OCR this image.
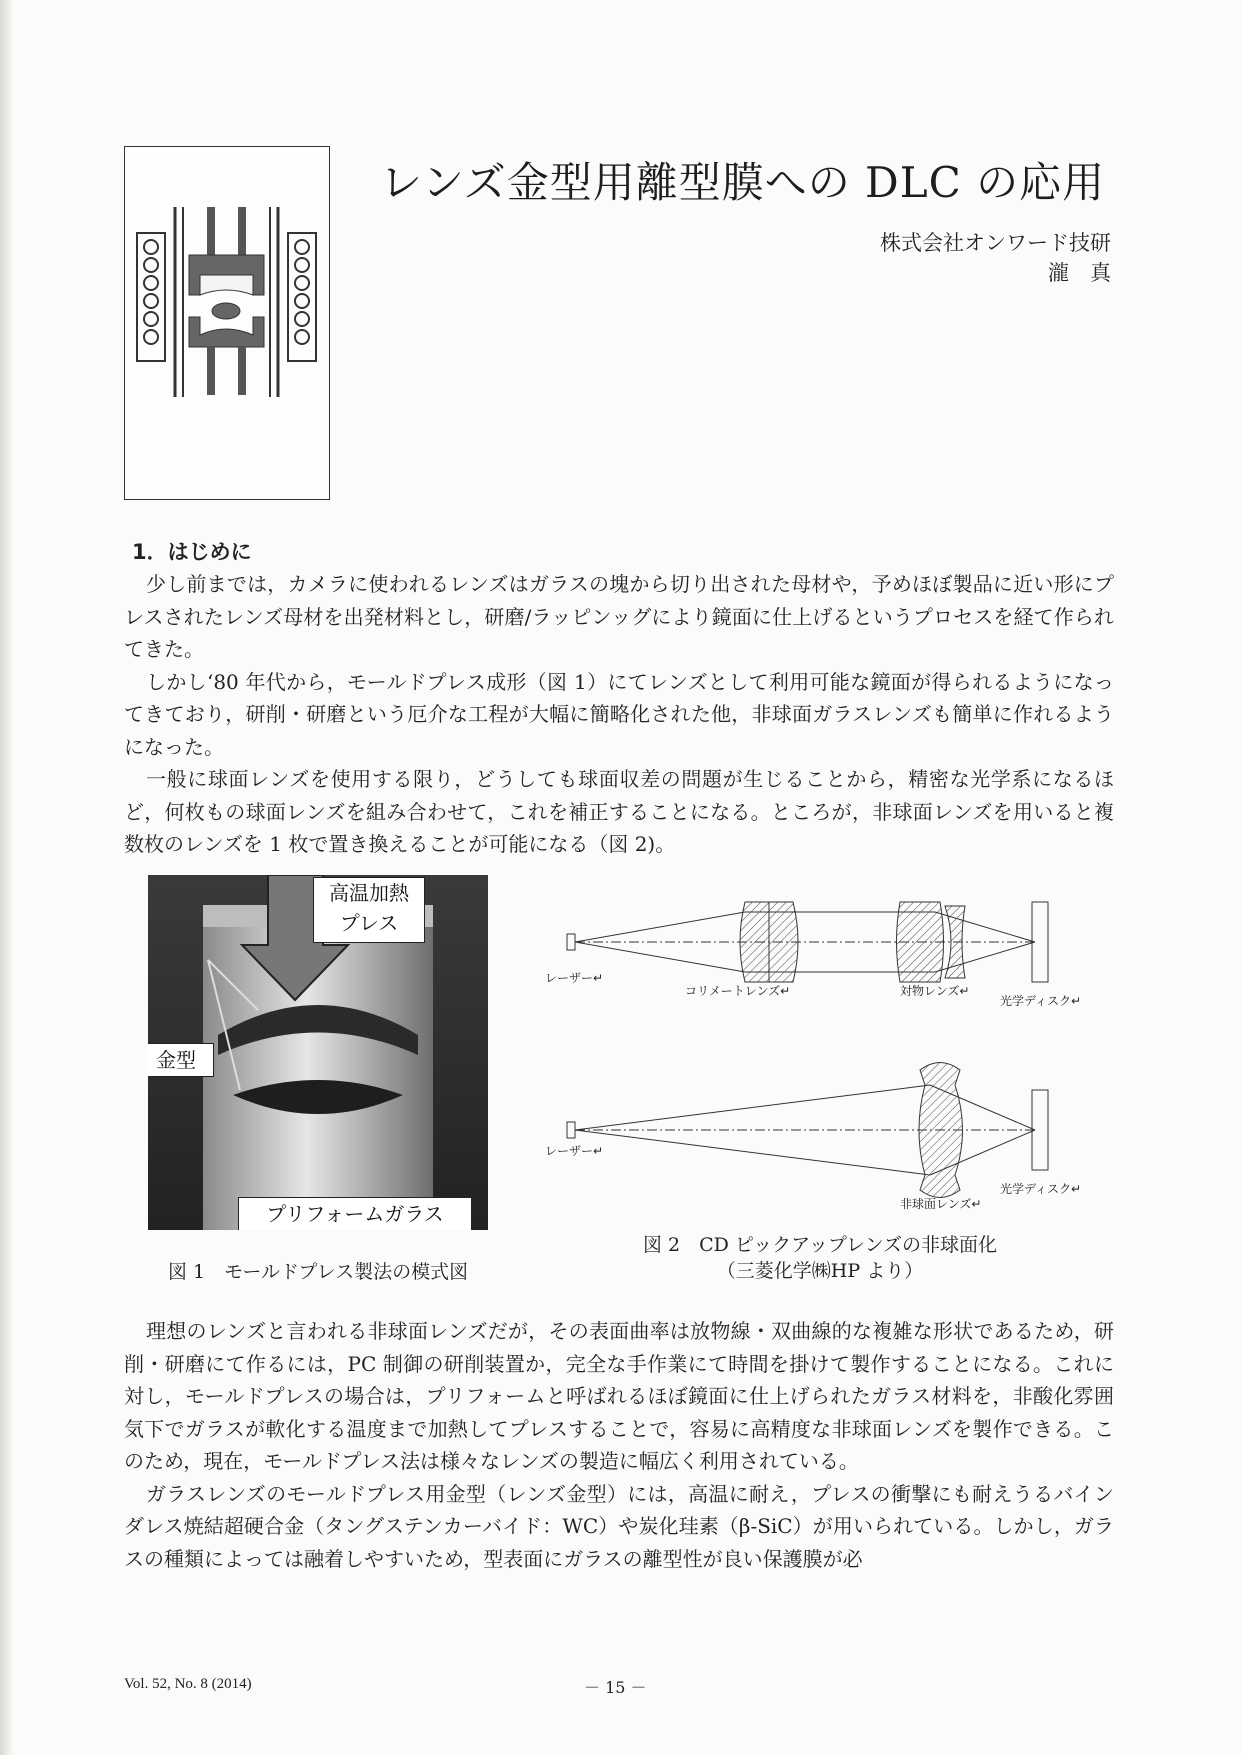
レンズ金型用離型膜への DLC の応用
株式会社オンワード技研
瀧　真
1．はじめに

少し前までは，カメラに使われるレンズはガラスの塊から切り出された母材や，予めほぼ製品に近い形にプレスされたレンズ母材を出発材料とし，研磨/ラッピンッグにより鏡面に仕上げるというプロセスを経て作られてきた。

しかし‘80 年代から，モールドプレス成形（図 1）にてレンズとして利用可能な鏡面が得られるようになってきており，研削・研磨という厄介な工程が大幅に簡略化された他，非球面ガラスレンズも簡単に作れるようになった。

一般に球面レンズを使用する限り，どうしても球面収差の問題が生じることから，精密な光学系になるほど，何枚もの球面レンズを組み合わせて，これを補正することになる。ところが，非球面レンズを用いると複数枚のレンズを 1 枚で置き換えることが可能になる（図 2)。

高温加熱
プレス
金型
プリフォームガラス
図 1　モールドプレス製法の模式図
レーザー↵
コリメートレンズ↵	対物レンズ↵
光学ディスク↵
レーザー↵
非球面レンズ↵
光学ディスク↵
図 2　CD ピックアップレンズの非球面化
（三菱化学㈱HP より）

理想のレンズと言われる非球面レンズだが，その表面曲率は放物線・双曲線的な複雑な形状であるため，研削・研磨にて作るには，PC 制御の研削装置か，完全な手作業にて時間を掛けて製作することになる。これに対し，モールドプレスの場合は，プリフォームと呼ばれるほぼ鏡面に仕上げられたガラス材料を，非酸化雰囲気下でガラスが軟化する温度まで加熱してプレスすることで，容易に高精度な非球面レンズを製作できる。このため，現在，モールドプレス法は様々なレンズの製造に幅広く利用されている。

ガラスレンズのモールドプレス用金型（レンズ金型）には，高温に耐え，プレスの衝撃にも耐えうるバインダレス焼結超硬合金（タングステンカーバイド：WC）や炭化珪素（β-SiC）が用いられている。しかし，ガラスの種類によっては融着しやすいため，型表面にガラスの離型性が良い保護膜が必

Vol. 52, No. 8 (2014)	－ 15 －
